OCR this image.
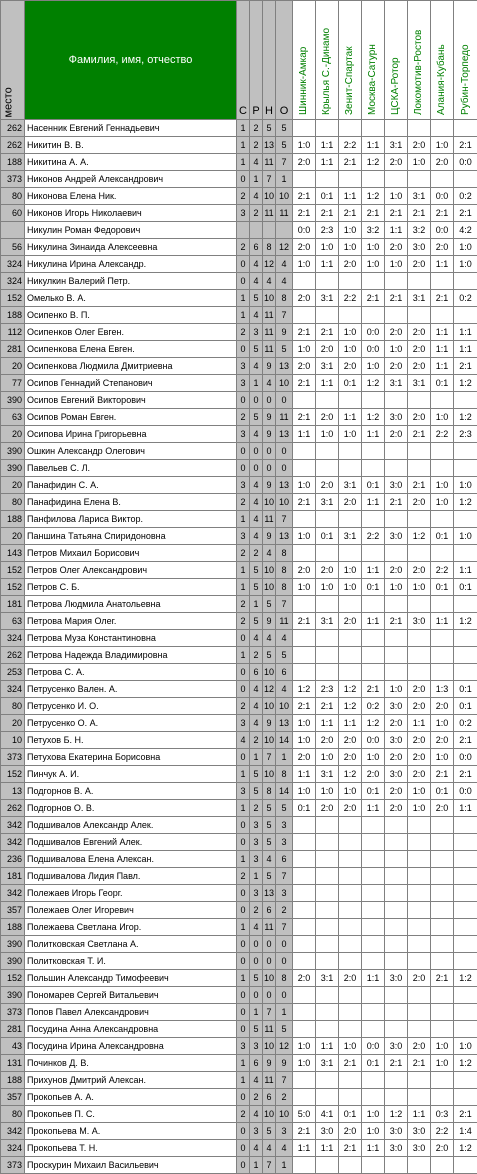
место	Фамилия, имя, отчество	С	Р	Н	О	Шинник-Амкар	Крылья С.-Динамо	Зенит-Спартак	Москва-Сатурн	ЦСКА-Ротор	Локомотив-Ростов	Алания-Кубань	Рубин-Торпедо

262	Насенник Евгений Геннадьевич	1	2	5	5								
262	Никитин В. В.	1	2	13	5	1:0	1:1	2:2	1:1	3:1	2:0	1:0	2:1
188	Никитина А. А.	1	4	11	7	2:0	1:1	2:1	1:2	2:0	1:0	2:0	0:0
373	Никонов Андрей Александрович	0	1	7	1								
80	Никонова Елена Ник.	2	4	10	10	2:1	0:1	1:1	1:2	1:0	3:1	0:0	0:2
60	Никонов Игорь Николаевич	3	2	11	11	2:1	2:1	2:1	2:1	2:1	2:1	2:1	2:1
	Никулин Роман Федорович					0:0	2:3	1:0	3:2	1:1	3:2	0:0	4:2
56	Никулина Зинаида Алексеевна	2	6	8	12	2:0	1:0	1:0	1:0	2:0	3:0	2:0	1:0
324	Никулина Ирина Александр.	0	4	12	4	1:0	1:1	2:0	1:0	1:0	2:0	1:1	1:0
324	Никулкин Валерий Петр.	0	4	4	4								
152	Омелько В. А.	1	5	10	8	2:0	3:1	2:2	2:1	2:1	3:1	2:1	0:2
188	Осипенко В. П.	1	4	11	7								
112	Осипенков Олег Евген.	2	3	11	9	2:1	2:1	1:0	0:0	2:0	2:0	1:1	1:1
281	Осипенкова Елена Евген.	0	5	11	5	1:0	2:0	1:0	0:0	1:0	2:0	1:1	1:1
20	Осипенкова Людмила Дмитриевна	3	4	9	13	2:0	3:1	2:0	1:0	2:0	2:0	1:1	2:1
77	Осипов Геннадий Степанович	3	1	4	10	2:1	1:1	0:1	1:2	3:1	3:1	0:1	1:2
390	Осипов Евгений Викторович	0	0	0	0								
63	Осипов Роман Евген.	2	5	9	11	2:1	2:0	1:1	1:2	3:0	2:0	1:0	1:2
20	Осипова Ирина Григорьевна	3	4	9	13	1:1	1:0	1:0	1:1	2:0	2:1	2:2	2:3
390	Ошкин Александр Олегович	0	0	0	0								
390	Павельев С. Л.	0	0	0	0								
20	Панафидин С. А.	3	4	9	13	1:0	2:0	3:1	0:1	3:0	2:1	1:0	1:0
80	Панафидина Елена В.	2	4	10	10	2:1	3:1	2:0	1:1	2:1	2:0	1:0	1:2
188	Панфилова Лариса Виктор.	1	4	11	7								
20	Паншина Татьяна Спиридоновна	3	4	9	13	1:0	0:1	3:1	2:2	3:0	1:2	0:1	1:0
143	Петров Михаил Борисович	2	2	4	8								
152	Петров Олег Александрович	1	5	10	8	2:0	2:0	1:0	1:1	2:0	2:0	2:2	1:1
152	Петров С. Б.	1	5	10	8	1:0	1:0	1:0	0:1	1:0	1:0	0:1	0:1
181	Петрова Людмила Анатольевна	2	1	5	7								
63	Петрова Мария Олег.	2	5	9	11	2:1	3:1	2:0	1:1	2:1	3:0	1:1	1:2
324	Петрова Муза Константиновна	0	4	4	4								
262	Петрова Надежда Владимировна	1	2	5	5								
253	Петрова С. А.	0	6	10	6								
324	Петрусенко Вален. А.	0	4	12	4	1:2	2:3	1:2	2:1	1:0	2:0	1:3	0:1
80	Петрусенко И. О.	2	4	10	10	2:1	2:1	1:2	0:2	3:0	2:0	2:0	0:1
20	Петрусенко О. А.	3	4	9	13	1:0	1:1	1:1	1:2	2:0	1:1	1:0	0:2
10	Петухов Б. Н.	4	2	10	14	1:0	2:0	2:0	0:0	3:0	2:0	2:0	2:1
373	Петухова Екатерина Борисовна	0	1	7	1	2:0	1:0	2:0	1:0	2:0	2:0	1:0	0:0
152	Пинчук А. И.	1	5	10	8	1:1	3:1	1:2	2:0	3:0	2:0	2:1	2:1
13	Подгорнов В. А.	3	5	8	14	1:0	1:0	1:0	0:1	2:0	1:0	0:1	0:0
262	Подгорнов О. В.	1	2	5	5	0:1	2:0	2:0	1:1	2:0	1:0	2:0	1:1
342	Подшивалов Александр Алек.	0	3	5	3								
342	Подшивалов Евгений Алек.	0	3	5	3								
236	Подшивалова Елена Алексан.	1	3	4	6								
181	Подшивалова Лидия Павл.	2	1	5	7								
342	Полежаев Игорь Георг.	0	3	13	3								
357	Полежаев Олег Игоревич	0	2	6	2								
188	Полежаева Светлана Игор.	1	4	11	7								
390	Политковская Светлана А.	0	0	0	0								
390	Политковская Т. И.	0	0	0	0								
152	Польшин Александр Тимофеевич	1	5	10	8	2:0	3:1	2:0	1:1	3:0	2:0	2:1	1:2
390	Пономарев Сергей Витальевич	0	0	0	0								
373	Попов Павел Александрович	0	1	7	1								
281	Посудина Анна Александровна	0	5	11	5								
43	Посудина Ирина Александровна	3	3	10	12	1:0	1:1	1:0	0:0	3:0	2:0	1:0	1:0
131	Починков Д. В.	1	6	9	9	1:0	3:1	2:1	0:1	2:1	2:1	1:0	1:2
188	Прихунов Дмитрий Алексан.	1	4	11	7								
357	Прокопьев А. А.	0	2	6	2								
80	Прокопьев П. С.	2	4	10	10	5:0	4:1	0:1	1:0	1:2	1:1	0:3	2:1
342	Прокопьева М. А.	0	3	5	3	2:1	3:0	2:0	1:0	3:0	3:0	2:2	1:4
324	Прокопьева Т. Н.	0	4	4	4	1:1	1:1	2:1	1:1	3:0	3:0	2:0	1:2
373	Проскурин Михаил Васильевич	0	1	7	1								
